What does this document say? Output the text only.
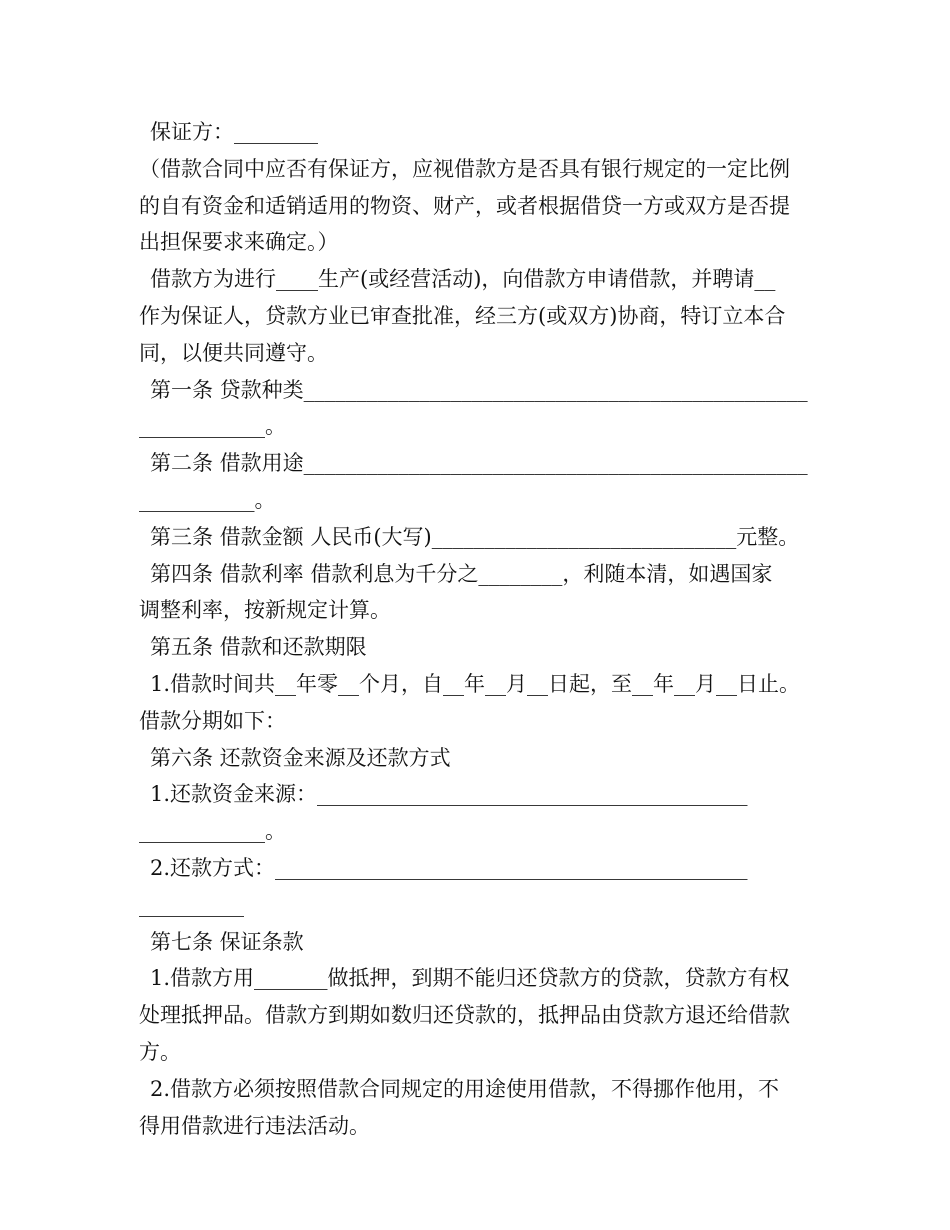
保证方：________
（借款合同中应否有保证方，应视借款方是否具有银行规定的一定比例
的自有资金和适销适用的物资、财产，或者根据借贷一方或双方是否提
出担保要求来确定。）
借款方为进行____生产(或经营活动)，向借款方申请借款，并聘请__
作为保证人，贷款方业已审查批准，经三方(或双方)协商，特订立本合
同，以便共同遵守。
第一条 贷款种类________________________________________________
____________。
第二条 借款用途________________________________________________
___________。
第三条 借款金额 人民币(大写)_____________________________元整。
第四条 借款利率 借款利息为千分之________，利随本清，如遇国家
调整利率，按新规定计算。
第五条 借款和还款期限
1.借款时间共__年零__个月，自__年__月__日起，至__年__月__日止。
借款分期如下：
第六条 还款资金来源及还款方式
1.还款资金来源：_________________________________________
____________。
2.还款方式：_____________________________________________
__________
第七条 保证条款
1.借款方用_______做抵押，到期不能归还贷款方的贷款，贷款方有权
处理抵押品。借款方到期如数归还贷款的，抵押品由贷款方退还给借款
方。
2.借款方必须按照借款合同规定的用途使用借款，不得挪作他用，不
得用借款进行违法活动。
